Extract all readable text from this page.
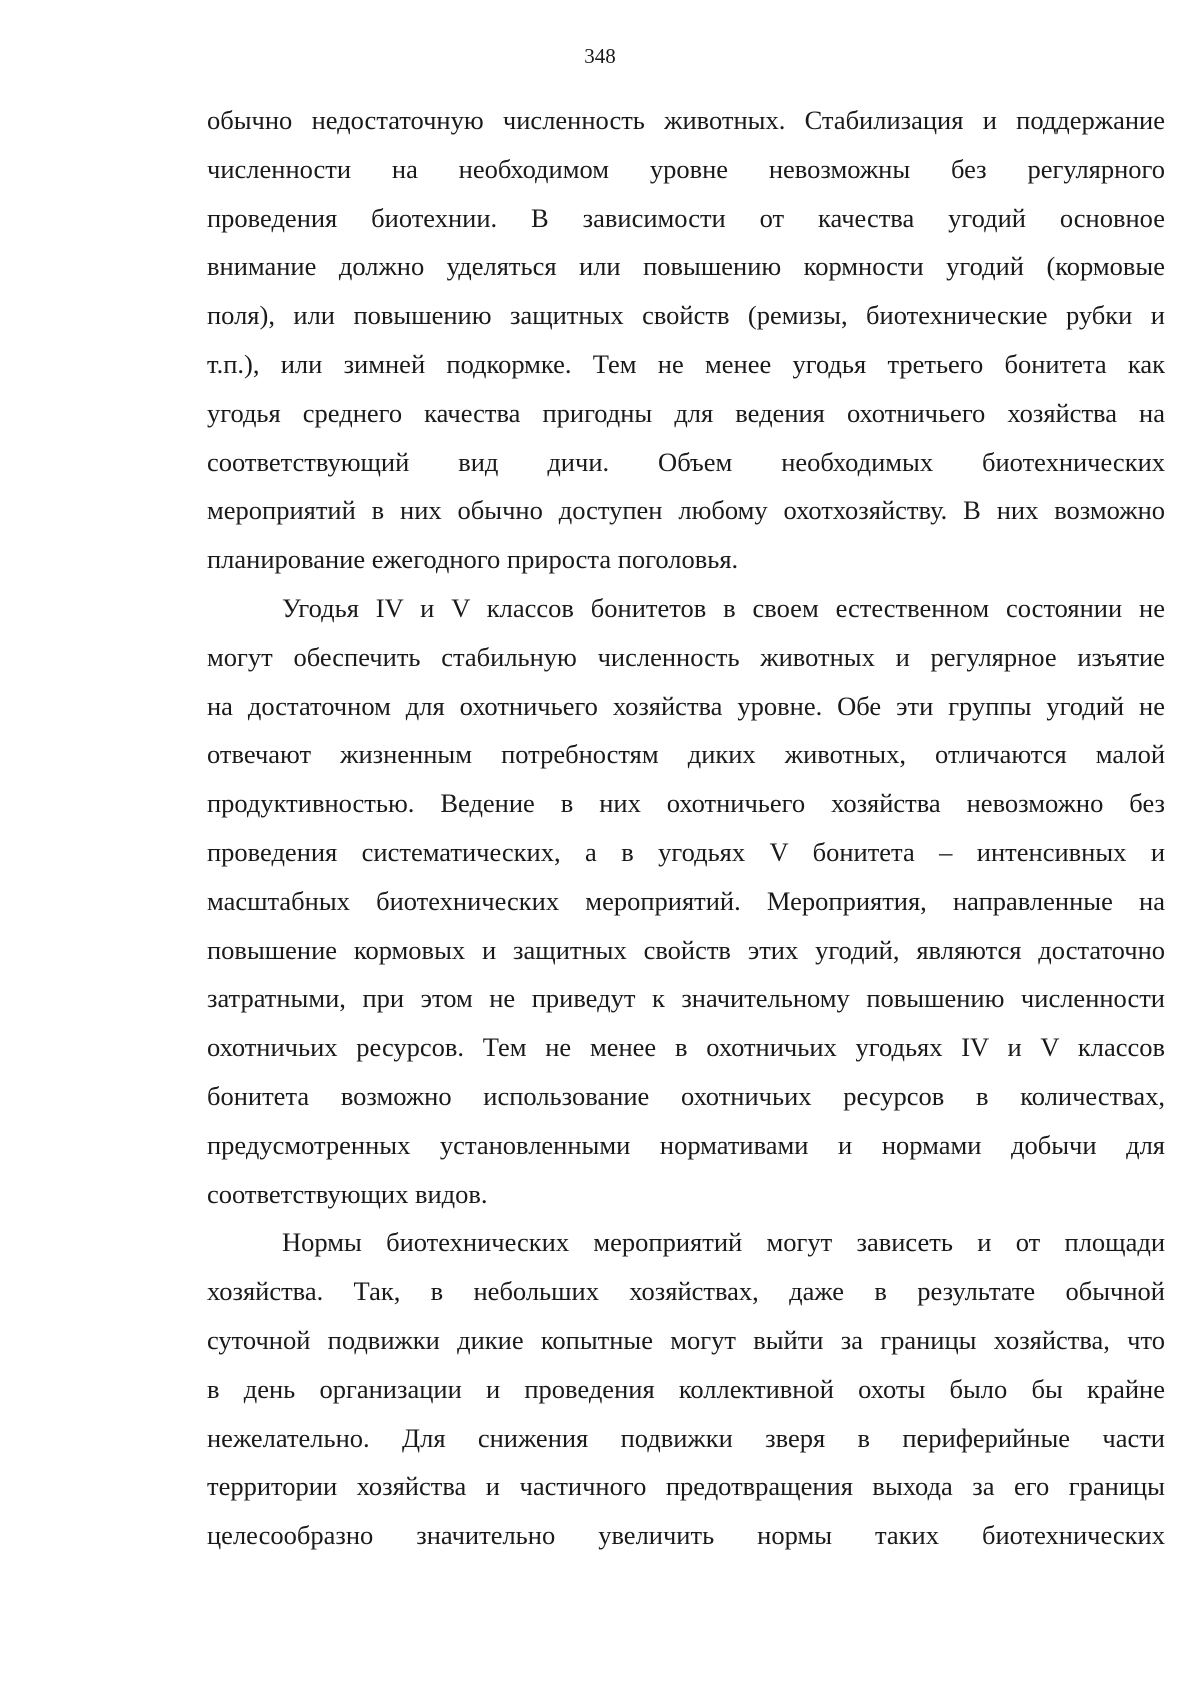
348
обычно недостаточную численность животных. Стабилизация и поддержание
численности на необходимом уровне невозможны без регулярного
проведения биотехнии. В зависимости от качества угодий основное
внимание должно уделяться или повышению кормности угодий (кормовые
поля), или повышению защитных свойств (ремизы, биотехнические рубки и
т.п.), или зимней подкормке. Тем не менее угодья третьего бонитета как
угодья среднего качества пригодны для ведения охотничьего хозяйства на
соответствующий вид дичи. Объем необходимых биотехнических
мероприятий в них обычно доступен любому охотхозяйству. В них возможно
планирование ежегодного прироста поголовья.
Угодья IV и V классов бонитетов в своем естественном состоянии не
могут обеспечить стабильную численность животных и регулярное изъятие
на достаточном для охотничьего хозяйства уровне. Обе эти группы угодий не
отвечают жизненным потребностям диких животных, отличаются малой
продуктивностью. Ведение в них охотничьего хозяйства невозможно без
проведения систематических, а в угодьях V бонитета – интенсивных и
масштабных биотехнических мероприятий. Мероприятия, направленные на
повышение кормовых и защитных свойств этих угодий, являются достаточно
затратными, при этом не приведут к значительному повышению численности
охотничьих ресурсов. Тем не менее в охотничьих угодьях IV и V классов
бонитета возможно использование охотничьих ресурсов в количествах,
предусмотренных установленными нормативами и нормами добычи для
соответствующих видов.
Нормы биотехнических мероприятий могут зависеть и от площади
хозяйства. Так, в небольших хозяйствах, даже в результате обычной
суточной подвижки дикие копытные могут выйти за границы хозяйства, что
в день организации и проведения коллективной охоты было бы крайне
нежелательно. Для снижения подвижки зверя в периферийные части
территории хозяйства и частичного предотвращения выхода за его границы
целесообразно значительно увеличить нормы таких биотехнических
